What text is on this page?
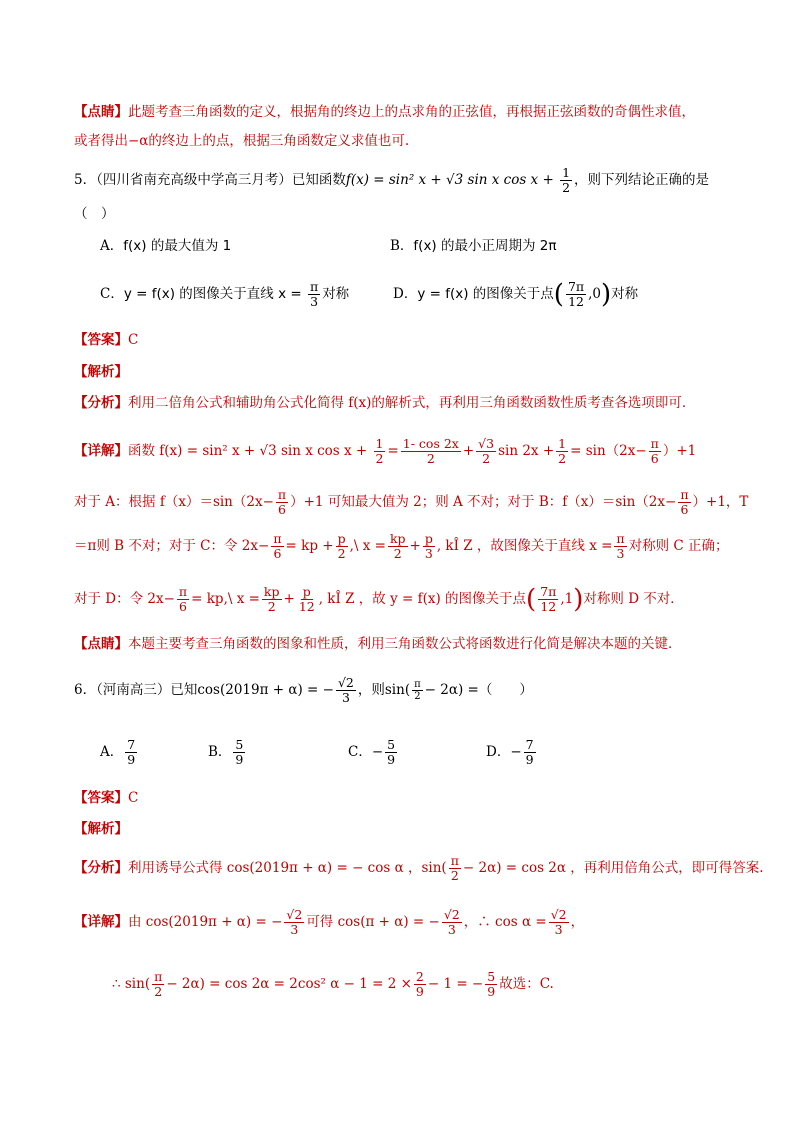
【点睛】此题考查三角函数的定义，根据角的终边上的点求角的正弦值，再根据正弦函数的奇偶性求值，
或者得出−α的终边上的点，根据三角函数定义求值也可.
5．（四川省南充高级中学高三月考）已知函数f(x) = sin² x + √3 sin x $\cos x + \frac{1}{2}$ ，则下列结论正确的是
（　）
A．f(x) 的最大值为 1	B．f(x) 的最小正周期为 2π
C．y = f(x) 的图像关于直线 $x = \frac{\pi}{3}$ 对称	D．y = f(x) 的图像关于点( $\frac{7\pi}{12} ,0$)对称
【答案】C
【解析】
【分析】利用二倍角公式和辅助角公式化简得 f(x)的解析式，再利用三角函数函数性质考查各选项即可．
【详解】函数 f(x) = sin² x + √3 sin x $\cos x + \frac{1}{2} = \frac{1- \cos 2x}{2} + \frac{√3}{2}$ $\sin 2x + \frac{1}{2} = \sin(2x- \frac{\pi}{6} )+1$
对于 A：根据 $f(x)=\sin(2x- \frac{\pi}{6} )+1$ 可知最大值为 2；则 A 不对；对于 B：$f(x)=\sin(2x- \frac{\pi}{6} )+1$，T
＝π则 B 不对；对于 C：令 $2x- \frac{\pi}{6}$ = kp + $\frac{p}{2}$ ,\ $x = \frac{kp}{2} + \frac{p}{3}$ , kÎ Z ，故图像关于直线 $x = \frac{\pi}{3}$ 对称则 C 正确；
对于 D：令 $2x- \frac{\pi}{6}$ = kp,\ $x = \frac{kp}{2} + \frac{p}{12}$ , kÎ Z ，故 y = f(x) 的图像关于点( $\frac{7\pi}{12} ,1$)对称则 D 不对．
【点睛】本题主要考查三角函数的图象和性质，利用三角函数公式将函数进行化简是解决本题的关键．
6．（河南高三）已知cos(2019π + α) = − $\frac{√2}{3}$ ，则$\sin( \frac{\pi}{2} - 2\alpha)$ =（　　）
A． $\frac{7}{9}$	B． $\frac{5}{9}$	C．− $\frac{5}{9}$	D．− $\frac{7}{9}$
【答案】C
【解析】
【分析】利用诱导公式得 cos(2019π + α) = − cos α ，$\sin( \frac{\pi}{2} - 2\alpha) = \cos 2\alpha$ ，再利用倍角公式，即可得答案.
【详解】由 cos(2019π + α) = − $\frac{√2}{3}$ 可得 cos(π + α) = − $\frac{√2}{3}$ ，∴ $\cos \alpha = \frac{√2}{3}$ ，
∴ $\sin( \frac{\pi}{2} - 2\alpha) = \cos 2\alpha = 2\cos^2$ $\alpha - 1 = 2 \times \frac{2}{9} - 1$ = − $\frac{5}{9}$ 故选：C.
